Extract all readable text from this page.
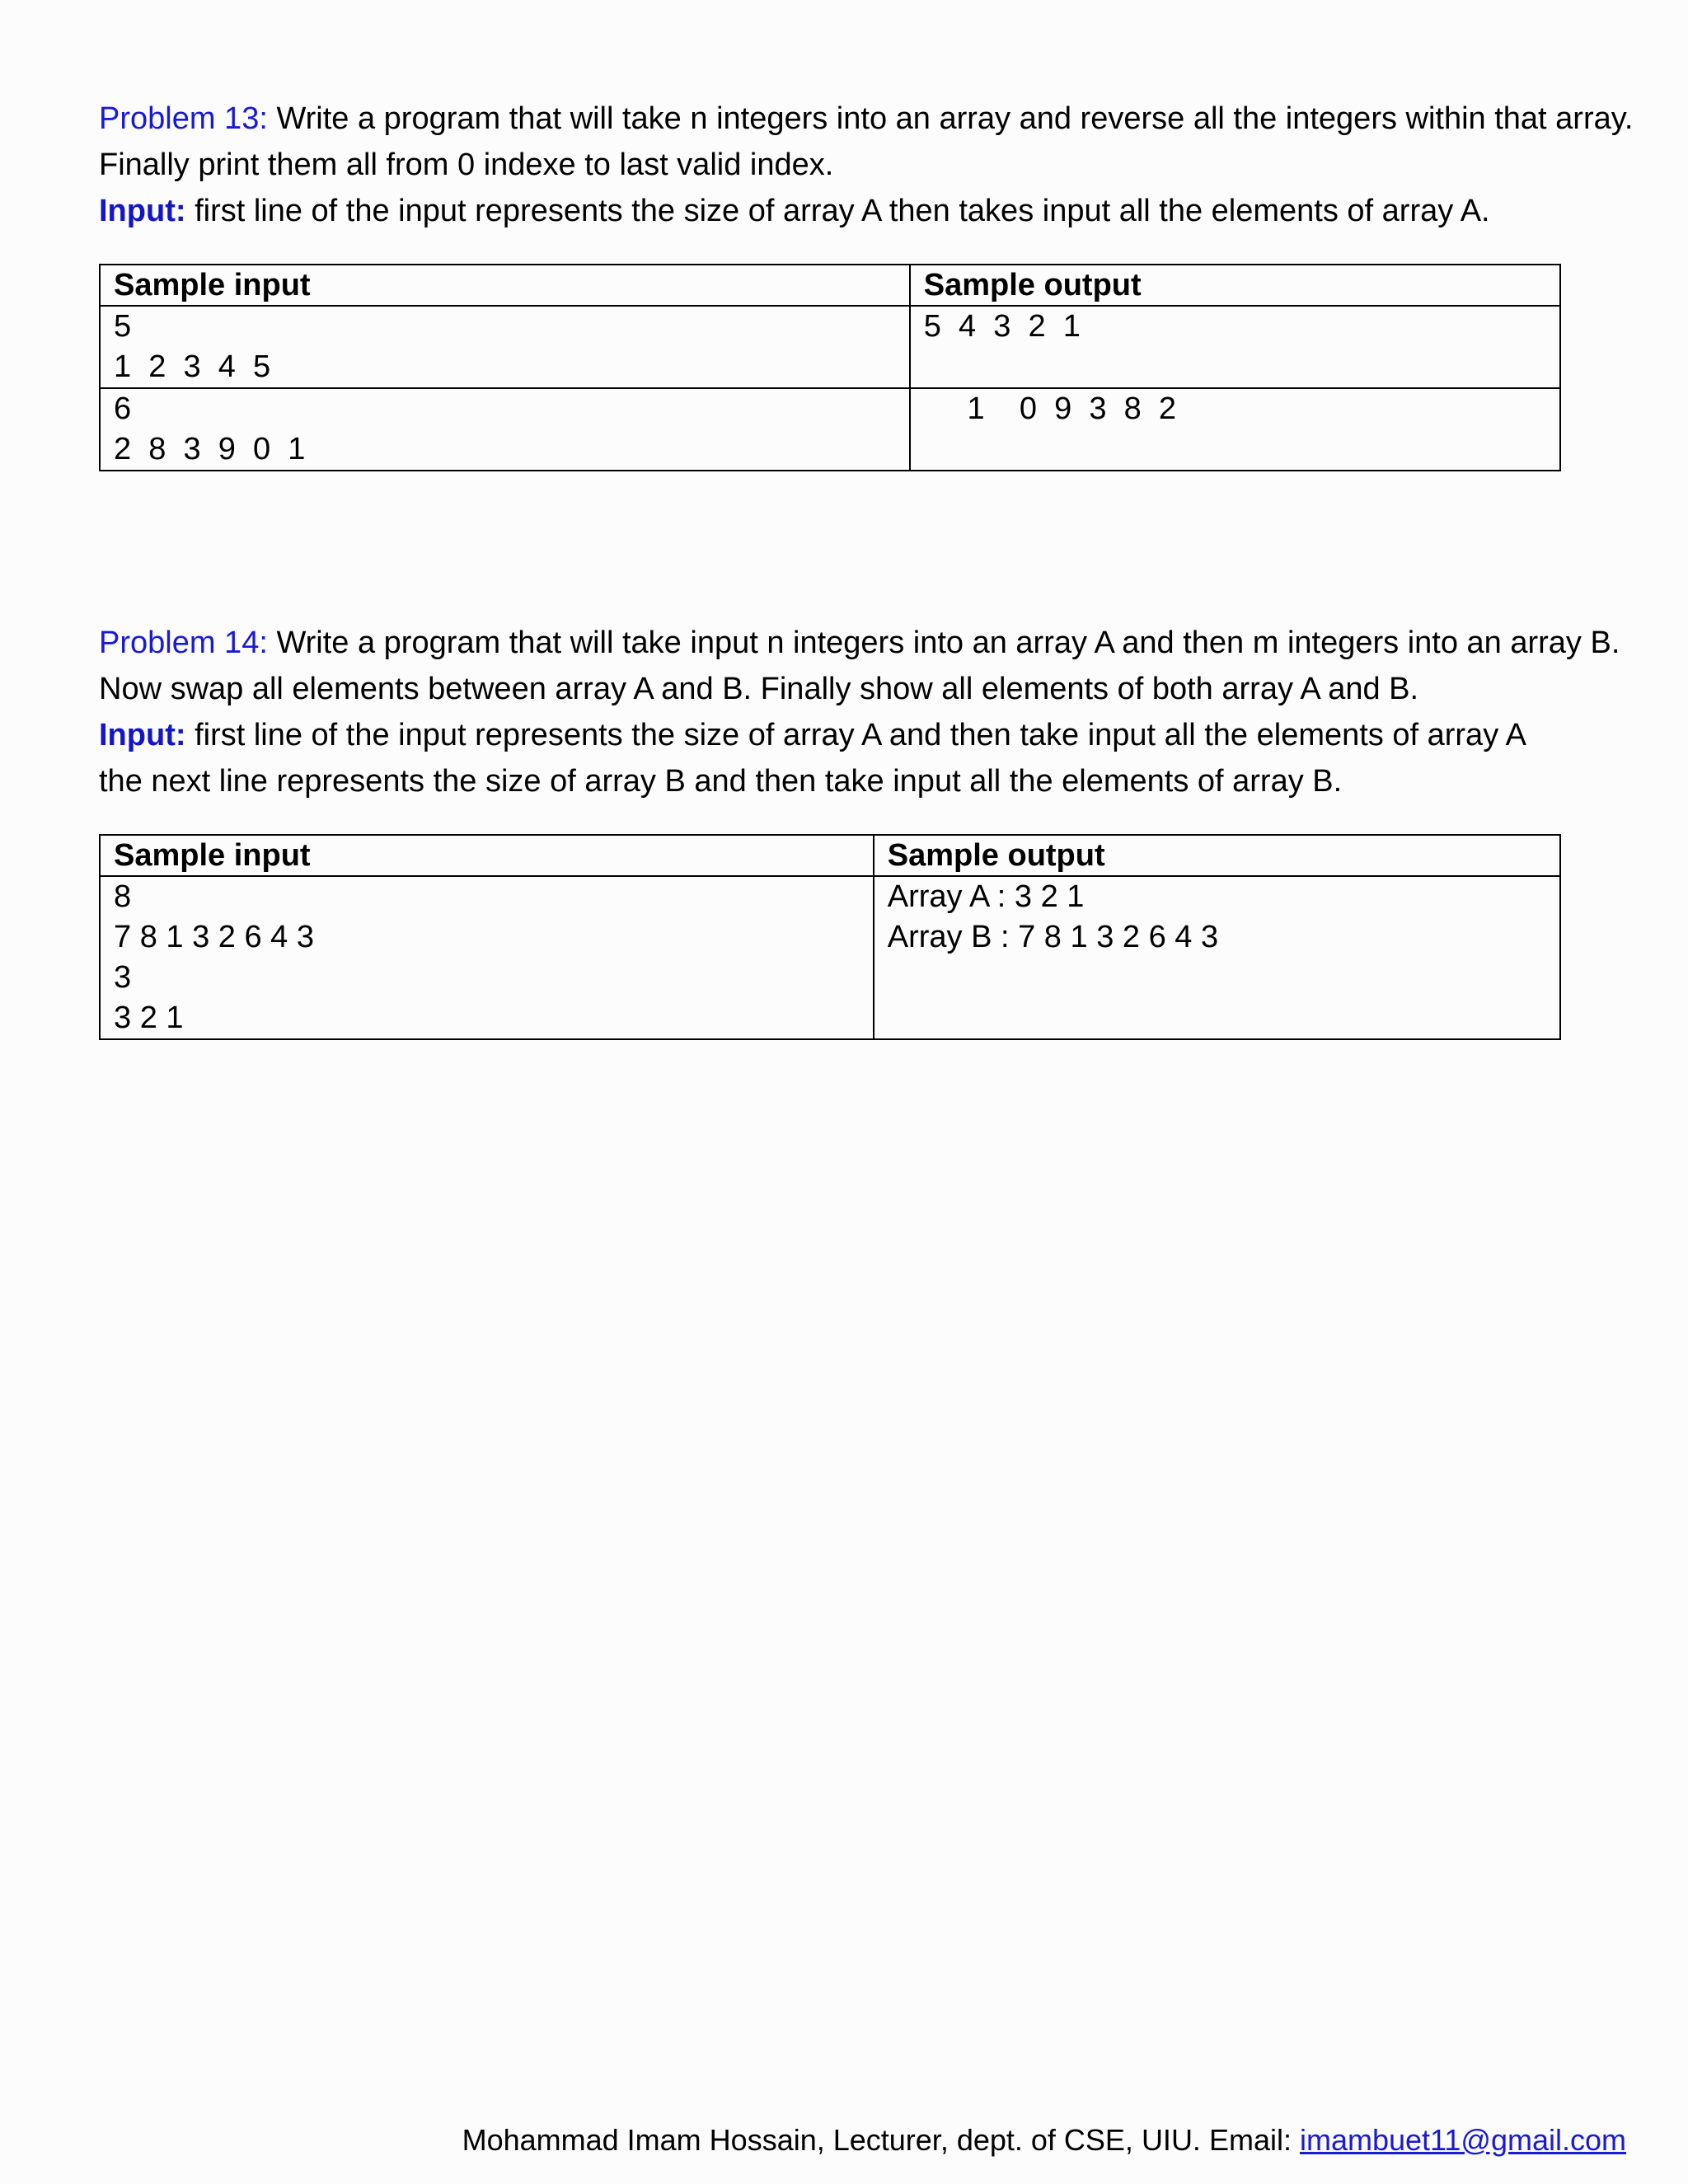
Problem 13: Write a program that will take n integers into an array and reverse all the integers within that array.
Finally print them all from 0 indexe to last valid index.
Input: first line of the input represents the size of array A then takes input all the elements of array A.
Sample input	Sample output

5
1  2  3  4  5	5  4  3  2  1

6
2  8  3  9  0  1	1    0  9  3  8  2
Problem 14: Write a program that will take input n integers into an array A and then m integers into an array B.
Now swap all elements between array A and B. Finally show all elements of both array A and B.
Input: first line of the input represents the size of array A and then take input all the elements of array A
the next line represents the size of array B and then take input all the elements of array B.
Sample input	Sample output

8
7 8 1 3 2 6 4 3
3
3 2 1	Array A : 3 2 1
Array B : 7 8 1 3 2 6 4 3
Mohammad Imam Hossain, Lecturer, dept. of CSE, UIU. Email: imambuet11@gmail.com
